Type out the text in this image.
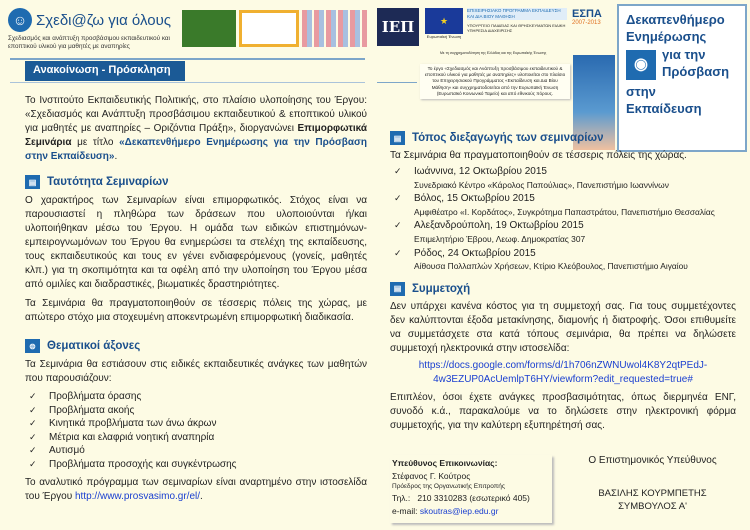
☺ Σχεδι@ζω για όλους
Σχεδιασμός και ανάπτυξη προσβάσιμου εκπαιδευτικού και εποπτικού υλικού για μαθητές με αναπηρίες
Ανακοίνωση - Πρόσκληση
ΙΕΠ	★
Ευρωπαϊκή Ένωση
ΕΠΙΧΕΙΡΗΣΙΑΚΟ ΠΡΟΓΡΑΜΜΑ ΕΚΠΑΙΔΕΥΣΗ ΚΑΙ ΔΙΑ ΒΙΟΥ ΜΑΘΗΣΗ
ΥΠΟΥΡΓΕΙΟ ΠΑΙΔΕΙΑΣ ΚΑΙ ΘΡΗΣΚΕΥΜΑΤΩΝ ΕΙΔΙΚΗ ΥΠΗΡΕΣΙΑ ΔΙΑΧΕΙΡΙΣΗΣ
ΕΣΠΑ
2007-2013
Με τη συγχρηματοδότηση της Ελλάδας και της Ευρωπαϊκής Ένωσης
Το έργο «Σχεδιασμός και Ανάπτυξη προσβάσιμου εκπαιδευτικού & εποπτικού υλικού για μαθητές με αναπηρίες» υλοποιείται στο πλαίσιο του Επιχειρησιακού Προγράμματος «Εκπαίδευση και Δια Βίου Μάθηση» και συγχρηματοδοτείται από την Ευρωπαϊκή Ένωση (Ευρωπαϊκό Κοινωνικό Ταμείο) και από εθνικούς πόρους.
Δεκαπενθήμερο
Ενημέρωσης
◉
για την
Πρόσβαση
στην
Εκπαίδευση

Το Ινστιτούτο Εκπαιδευτικής Πολιτικής, στο πλαίσιο υλοποίησης του Έργου: «Σχεδιασμός και Ανάπτυξη προσβάσιμου εκπαιδευτικού & εποπτικού υλικού για μαθητές με αναπηρίες – Οριζόντια Πράξη», διοργανώνει Επιμορφωτικά Σεμινάρια με τίτλο «Δεκαπενθήμερο Ενημέρωσης για την Πρόσβαση στην Εκπαίδευση».

▤ Ταυτότητα Σεμιναρίων

Ο χαρακτήρος των Σεμιναρίων είναι επιμορφωτικός. Στόχος είναι να παρουσιαστεί η πληθώρα των δράσεων που υλοποιούνται ή/και υλοποιήθηκαν μέσω του Έργου. Η ομάδα των ειδικών επιστημόνων-εμπειρογνωμόνων του Έργου θα ενημερώσει τα στελέχη της εκπαίδευσης, τους εκπαιδευτικούς και τους εν γένει ενδιαφερόμενους (γονείς, μαθητές κλπ.) για τη σκοπιμότητα και τα οφέλη από την υλοποίηση του Έργου μέσα από ομιλίες και διαδραστικές, βιωματικές δραστηριότητες.

Τα Σεμινάρια θα πραγματοποιηθούν σε τέσσερις πόλεις της χώρας, με απώτερο στόχο μια στοχευμένη αποκεντρωμένη επιμορφωτική διαδικασία.

⊜ Θεματικοί άξονες

Τα Σεμινάρια θα εστιάσουν στις ειδικές εκπαιδευτικές ανάγκες των μαθητών που παρουσιάζουν:

✓ Προβλήματα όρασης
✓ Προβλήματα ακοής
✓ Κινητικά προβλήματα των άνω άκρων
✓ Μέτρια και ελαφριά νοητική αναπηρία
✓ Αυτισμό
✓ Προβλήματα προσοχής και συγκέντρωσης

Το αναλυτικό πρόγραμμα των σεμιναρίων είναι αναρτημένο στην ιστοσελίδα του Έργου http://www.prosvasimo.gr/el/.

▤ Τόπος διεξαγωγής των σεμιναρίων

Τα Σεμινάρια θα πραγματοποιηθούν σε τέσσερις πόλεις της χώρας.

✓ Ιωάννινα, 12 Οκτωβρίου 2015
Συνεδριακό Κέντρο «Κάρολος Παπούλιας», Πανεπιστήμιο Ιωαννίνων
✓ Βόλος, 15 Οκτωβρίου 2015
Αμφιθέατρο «Ι. Κορδάτος», Συγκρότημα Παπαστράτου, Πανεπιστήμιο Θεσσαλίας
✓ Αλεξανδρούπολη, 19 Οκτωβρίου 2015
Επιμελητήριο Έβρου, Λεωφ. Δημοκρατίας 307
✓ Ρόδος, 24 Οκτωβρίου 2015
Αίθουσα Πολλαπλών Χρήσεων, Κτίριο Κλεόβουλος, Πανεπιστήμιο Αιγαίου
▤ Συμμετοχή

Δεν υπάρχει κανένα κόστος για τη συμμετοχή σας. Για τους συμμετέχοντες δεν καλύπτονται έξοδα μετακίνησης, διαμονής ή διατροφής. Όσοι επιθυμείτε να συμμετάσχετε στα κατά τόπους σεμινάρια, θα πρέπει να δηλώσετε συμμετοχή ηλεκτρονικά στην ιστοσελίδα:

https://docs.google.com/forms/d/1h706nZWNUwol4K8Y2qtPEdJ-
4w3EZUP0AcUemlpT6HY/viewform?edit_requested=true#

Επιπλέον, όσοι έχετε ανάγκες προσβασιμότητας, όπως διερμηνέα ΕΝΓ, συνοδό κ.ά., παρακαλούμε να το δηλώσετε στην ηλεκτρονική φόρμα συμμετοχής, για την καλύτερη εξυπηρέτησή σας.

Υπεύθυνος Επικοινωνίας:
Στέφανος Γ. Κούτρος
Πρόεδρος της Οργανωτικής Επιτροπής
Τηλ.:   210 3310283 (εσωτερικό 405)
e-mail: skoutras@iep.edu.gr
Ο Επιστημονικός Υπεύθυνος
ΒΑΣΙΛΗΣ ΚΟΥΡΜΠΕΤΗΣ
ΣΥΜΒΟΥΛΟΣ Α'
